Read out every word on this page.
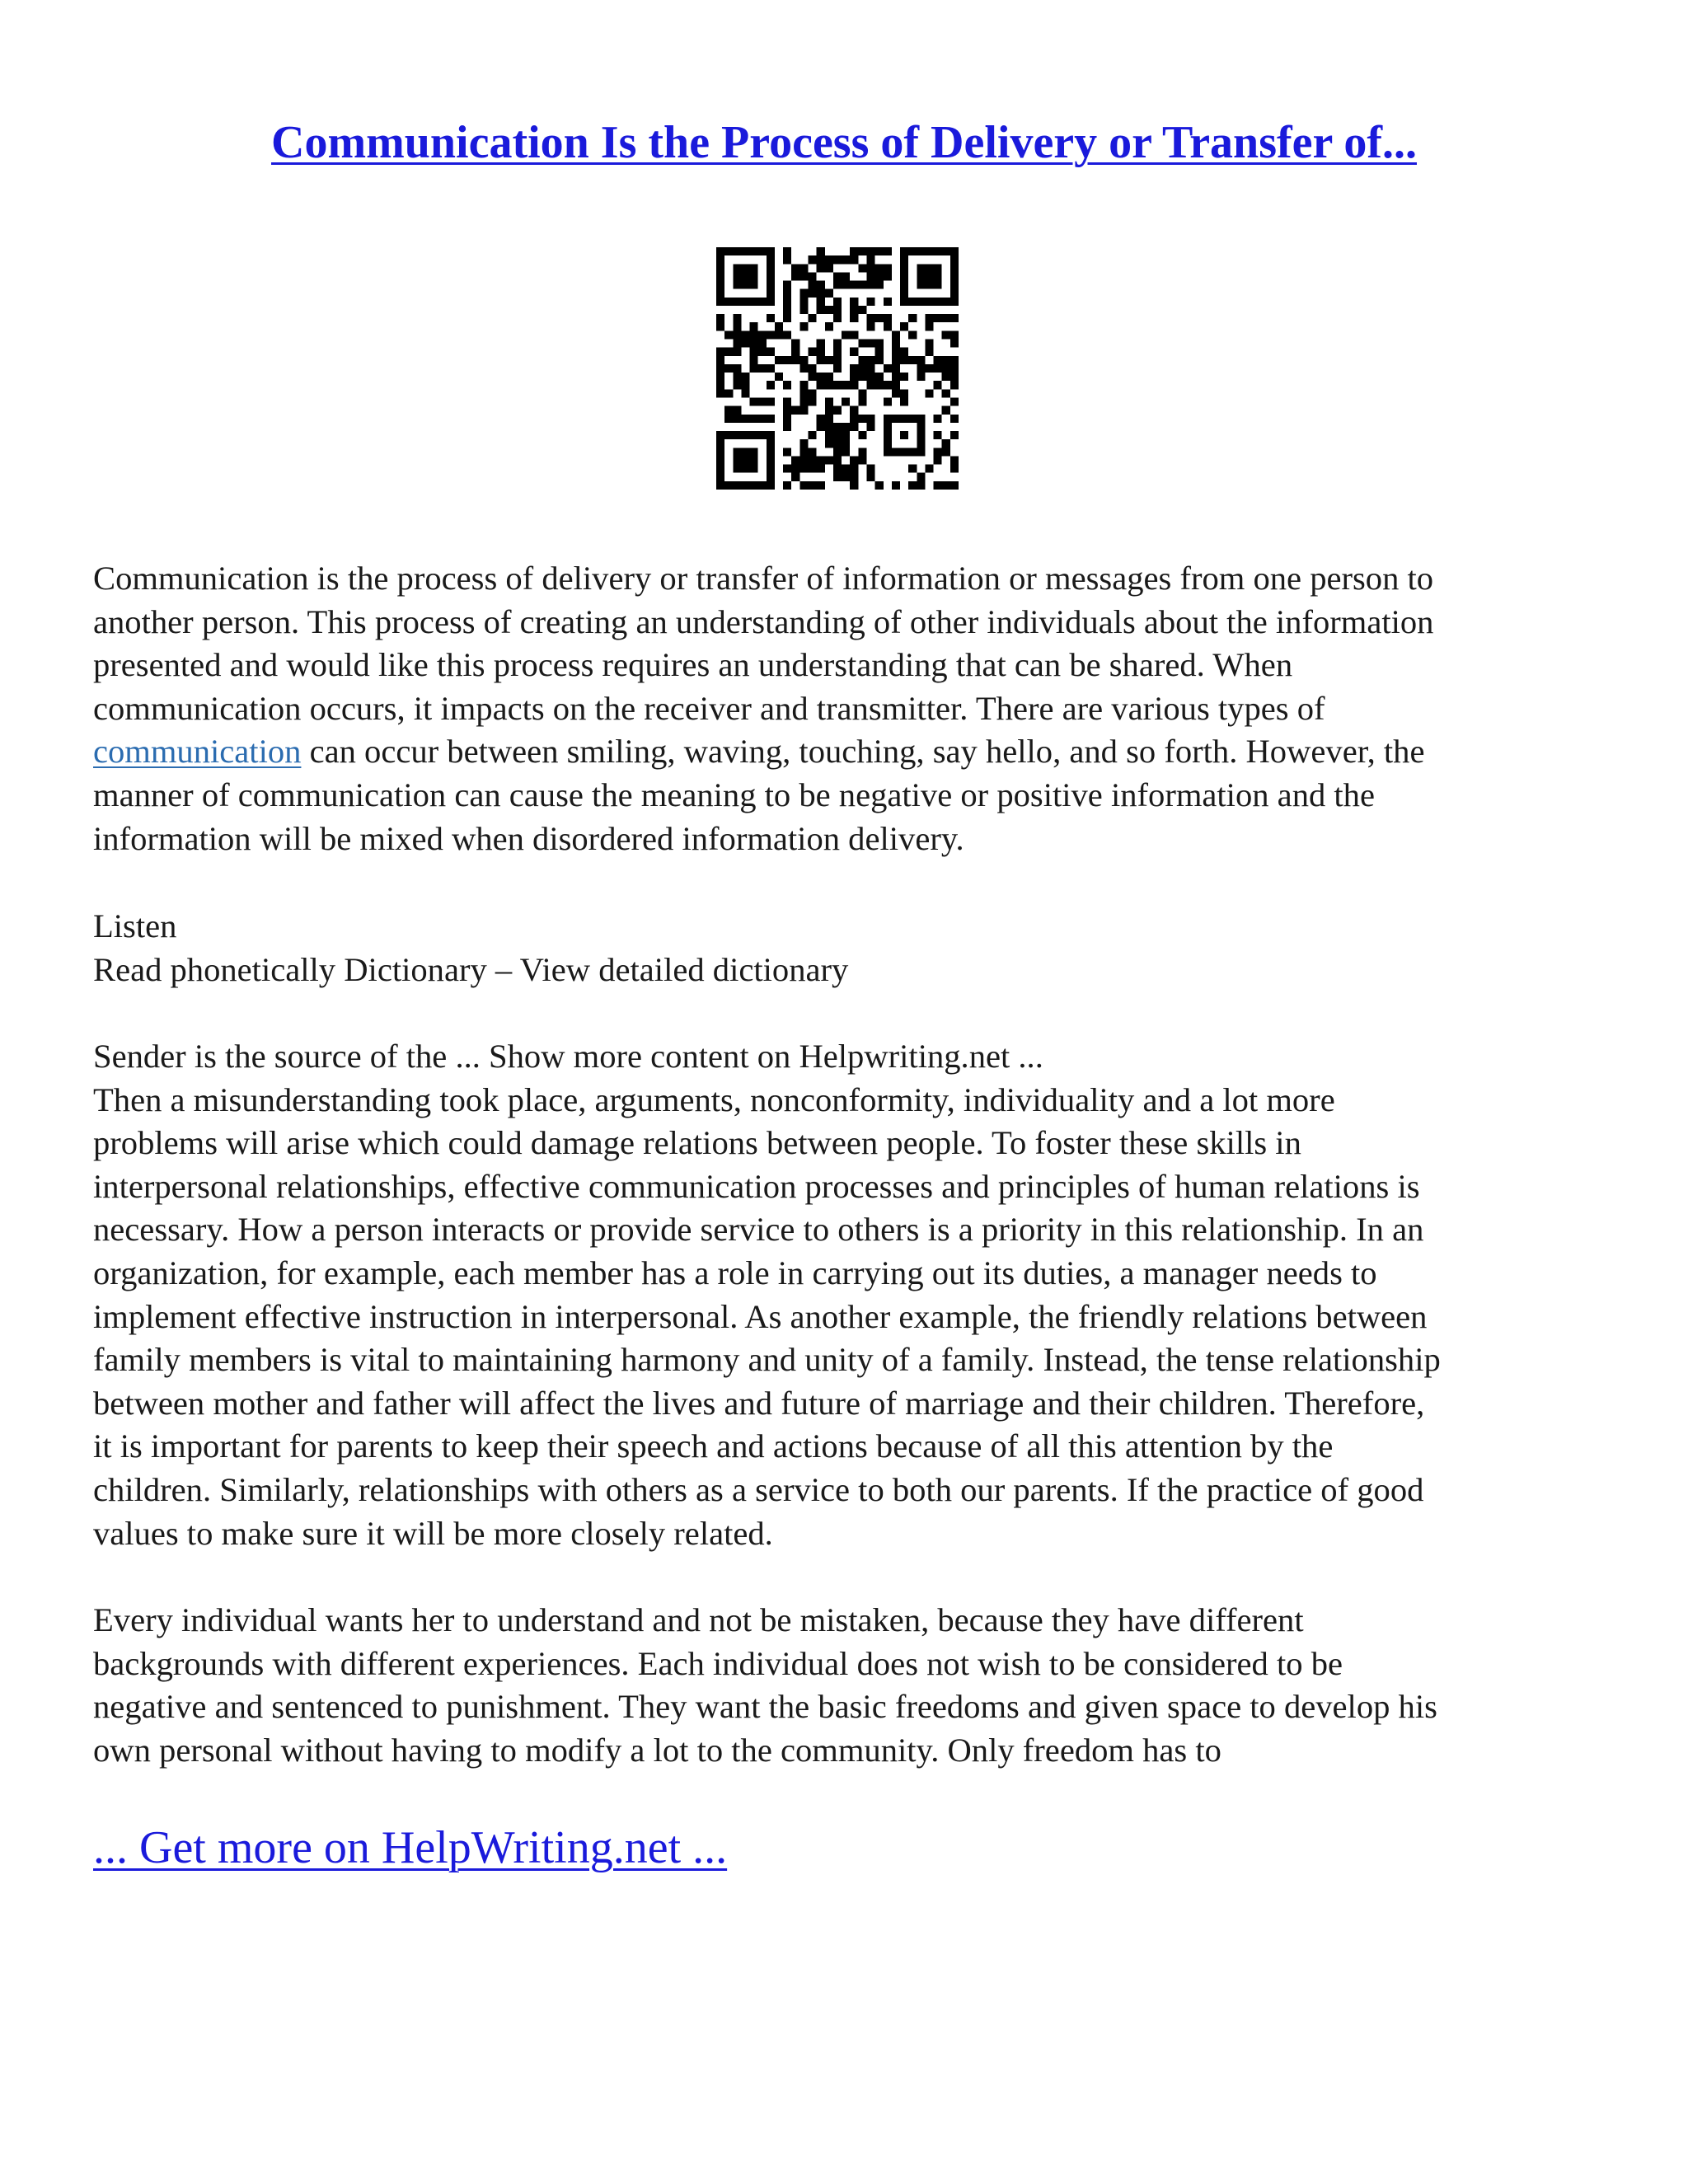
Communication Is the Process of Delivery or Transfer of...
Communication is the process of delivery or transfer of information or messages from one person to
another person. This process of creating an understanding of other individuals about the information
presented and would like this process requires an understanding that can be shared. When
communication occurs, it impacts on the receiver and transmitter. There are various types of
communication can occur between smiling, waving, touching, say hello, and so forth. However, the
manner of communication can cause the meaning to be negative or positive information and the
information will be mixed when disordered information delivery.
Listen
Read phonetically Dictionary – View detailed dictionary
Sender is the source of the ... Show more content on Helpwriting.net ...
Then a misunderstanding took place, arguments, nonconformity, individuality and a lot more
problems will arise which could damage relations between people. To foster these skills in
interpersonal relationships, effective communication processes and principles of human relations is
necessary. How a person interacts or provide service to others is a priority in this relationship. In an
organization, for example, each member has a role in carrying out its duties, a manager needs to
implement effective instruction in interpersonal. As another example, the friendly relations between
family members is vital to maintaining harmony and unity of a family. Instead, the tense relationship
between mother and father will affect the lives and future of marriage and their children. Therefore,
it is important for parents to keep their speech and actions because of all this attention by the
children. Similarly, relationships with others as a service to both our parents. If the practice of good
values to make sure it will be more closely related.
Every individual wants her to understand and not be mistaken, because they have different
backgrounds with different experiences. Each individual does not wish to be considered to be
negative and sentenced to punishment. They want the basic freedoms and given space to develop his
own personal without having to modify a lot to the community. Only freedom has to

... Get more on HelpWriting.net ...
